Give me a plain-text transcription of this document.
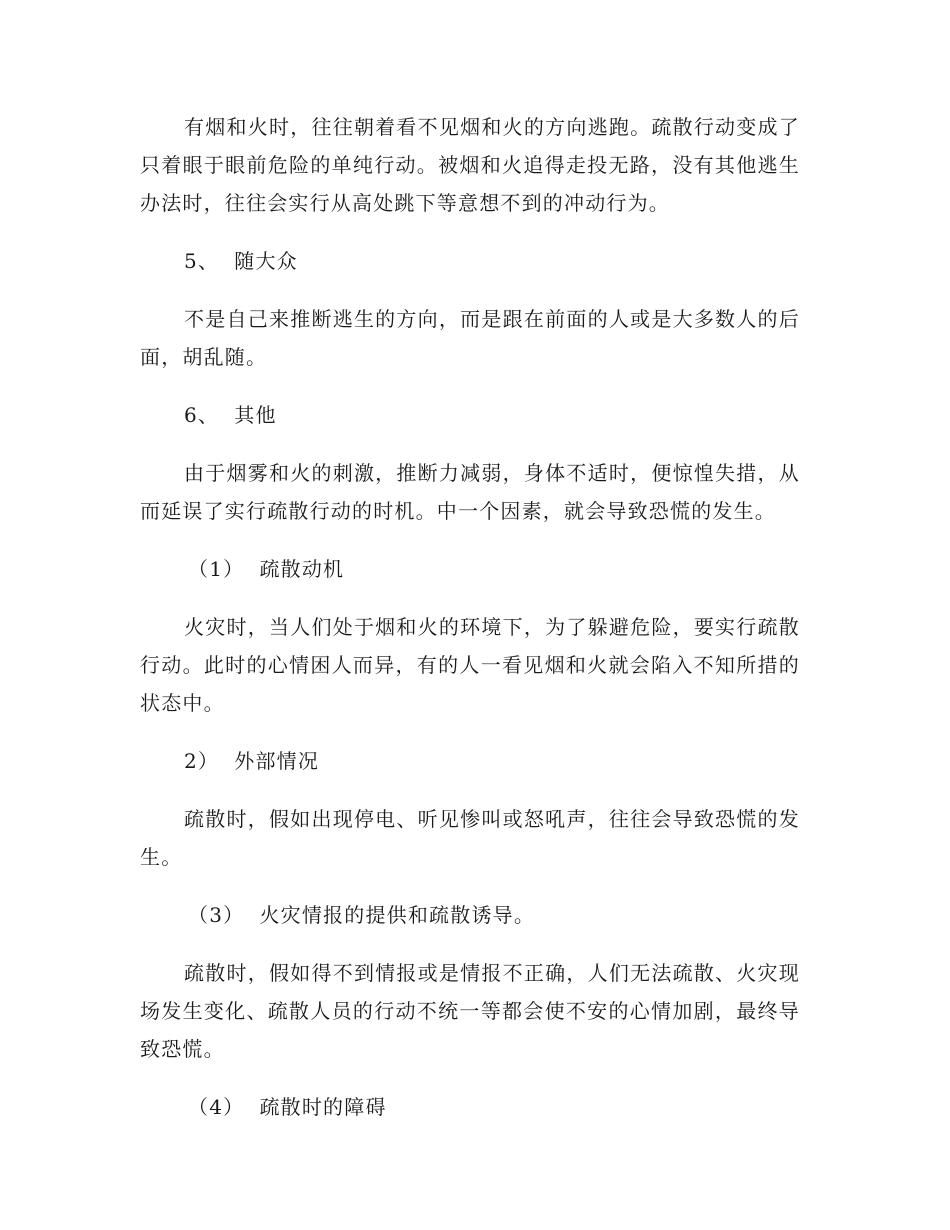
有烟和火时，往往朝着看不见烟和火的方向逃跑。疏散行动变成了只着眼于眼前危险的单纯行动。被烟和火追得走投无路，没有其他逃生办法时，往往会实行从高处跳下等意想不到的冲动行为。

5、  随大众

不是自己来推断逃生的方向，而是跟在前面的人或是大多数人的后面，胡乱随。

6、  其他

由于烟雾和火的刺激，推断力减弱，身体不适时，便惊惶失措，从而延误了实行疏散行动的时机。中一个因素，就会导致恐慌的发生。

（1）  疏散动机

火灾时，当人们处于烟和火的环境下，为了躲避危险，要实行疏散行动。此时的心情困人而异，有的人一看见烟和火就会陷入不知所措的状态中。

2）  外部情况

疏散时，假如出现停电、听见惨叫或怒吼声，往往会导致恐慌的发生。

（3）  火灾情报的提供和疏散诱导。

疏散时，假如得不到情报或是情报不正确，人们无法疏散、火灾现场发生变化、疏散人员的行动不统一等都会使不安的心情加剧，最终导致恐慌。

（4）  疏散时的障碍
